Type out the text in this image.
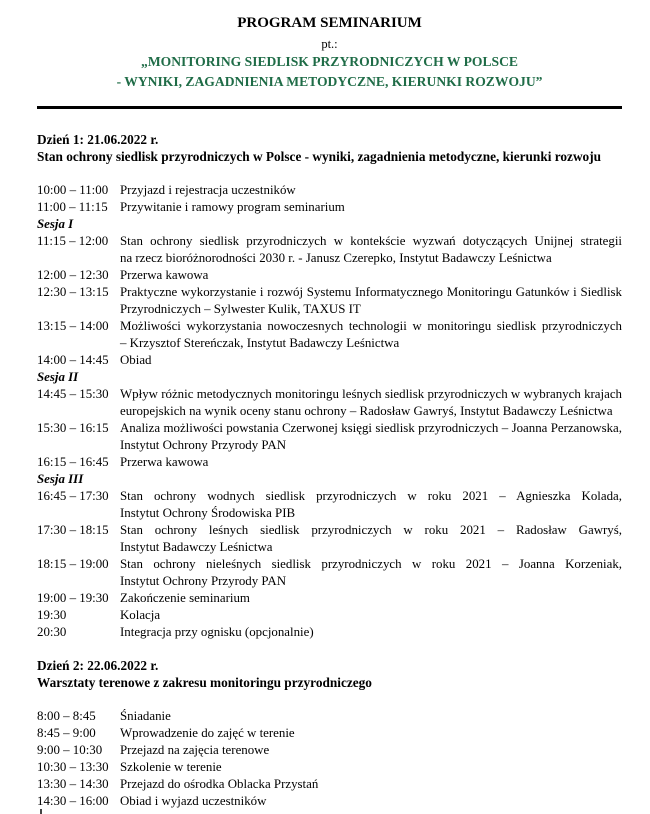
PROGRAM SEMINARIUM
pt.:
„MONITORING SIEDLISK PRZYRODNICZYCH W POLSCE
- WYNIKI, ZAGADNIENIA METODYCZNE, KIERUNKI ROZWOJU”
Dzień 1: 21.06.2022 r.
Stan ochrony siedlisk przyrodniczych w Polsce - wyniki, zagadnienia metodyczne, kierunki rozwoju
10:00 – 11:00 Przyjazd i rejestracja uczestników
11:00 – 11:15 Przywitanie i ramowy program seminarium
Sesja I
11:15 – 12:00 Stan ochrony siedlisk przyrodniczych w kontekście wyzwań dotyczących Unijnej strategii
na rzecz bioróżnorodności 2030 r. - Janusz Czerepko, Instytut Badawczy Leśnictwa
12:00 – 12:30 Przerwa kawowa
12:30 – 13:15 Praktyczne wykorzystanie i rozwój Systemu Informatycznego Monitoringu Gatunków i Siedlisk
Przyrodniczych – Sylwester Kulik, TAXUS IT
13:15 – 14:00 Możliwości wykorzystania nowoczesnych technologii w monitoringu siedlisk przyrodniczych
– Krzysztof Stereńczak, Instytut Badawczy Leśnictwa
14:00 – 14:45 Obiad
Sesja II
14:45 – 15:30 Wpływ różnic metodycznych monitoringu leśnych siedlisk przyrodniczych w wybranych krajach
europejskich na wynik oceny stanu ochrony – Radosław Gawryś, Instytut Badawczy Leśnictwa
15:30 – 16:15 Analiza możliwości powstania Czerwonej księgi siedlisk przyrodniczych – Joanna Perzanowska,
Instytut Ochrony Przyrody PAN
16:15 – 16:45 Przerwa kawowa
Sesja III
16:45 – 17:30 Stan ochrony wodnych siedlisk przyrodniczych w roku 2021 – Agnieszka Kolada,
Instytut Ochrony Środowiska PIB
17:30 – 18:15 Stan ochrony leśnych siedlisk przyrodniczych w roku 2021 – Radosław Gawryś,
Instytut Badawczy Leśnictwa
18:15 – 19:00 Stan ochrony nieleśnych siedlisk przyrodniczych w roku 2021 – Joanna Korzeniak,
Instytut Ochrony Przyrody PAN
19:00 – 19:30 Zakończenie seminarium
19:30	Kolacja
20:30	Integracja przy ognisku (opcjonalnie)
Dzień 2: 22.06.2022 r.
Warsztaty terenowe z zakresu monitoringu przyrodniczego
8:00 – 8:45	Śniadanie
8:45 – 9:00	Wprowadzenie do zajęć w terenie
9:00 – 10:30	Przejazd na zajęcia terenowe
10:30 – 13:30 Szkolenie w terenie
13:30 – 14:30 Przejazd do ośrodka Oblacka Przystań
14:30 – 16:00 Obiad i wyjazd uczestników
